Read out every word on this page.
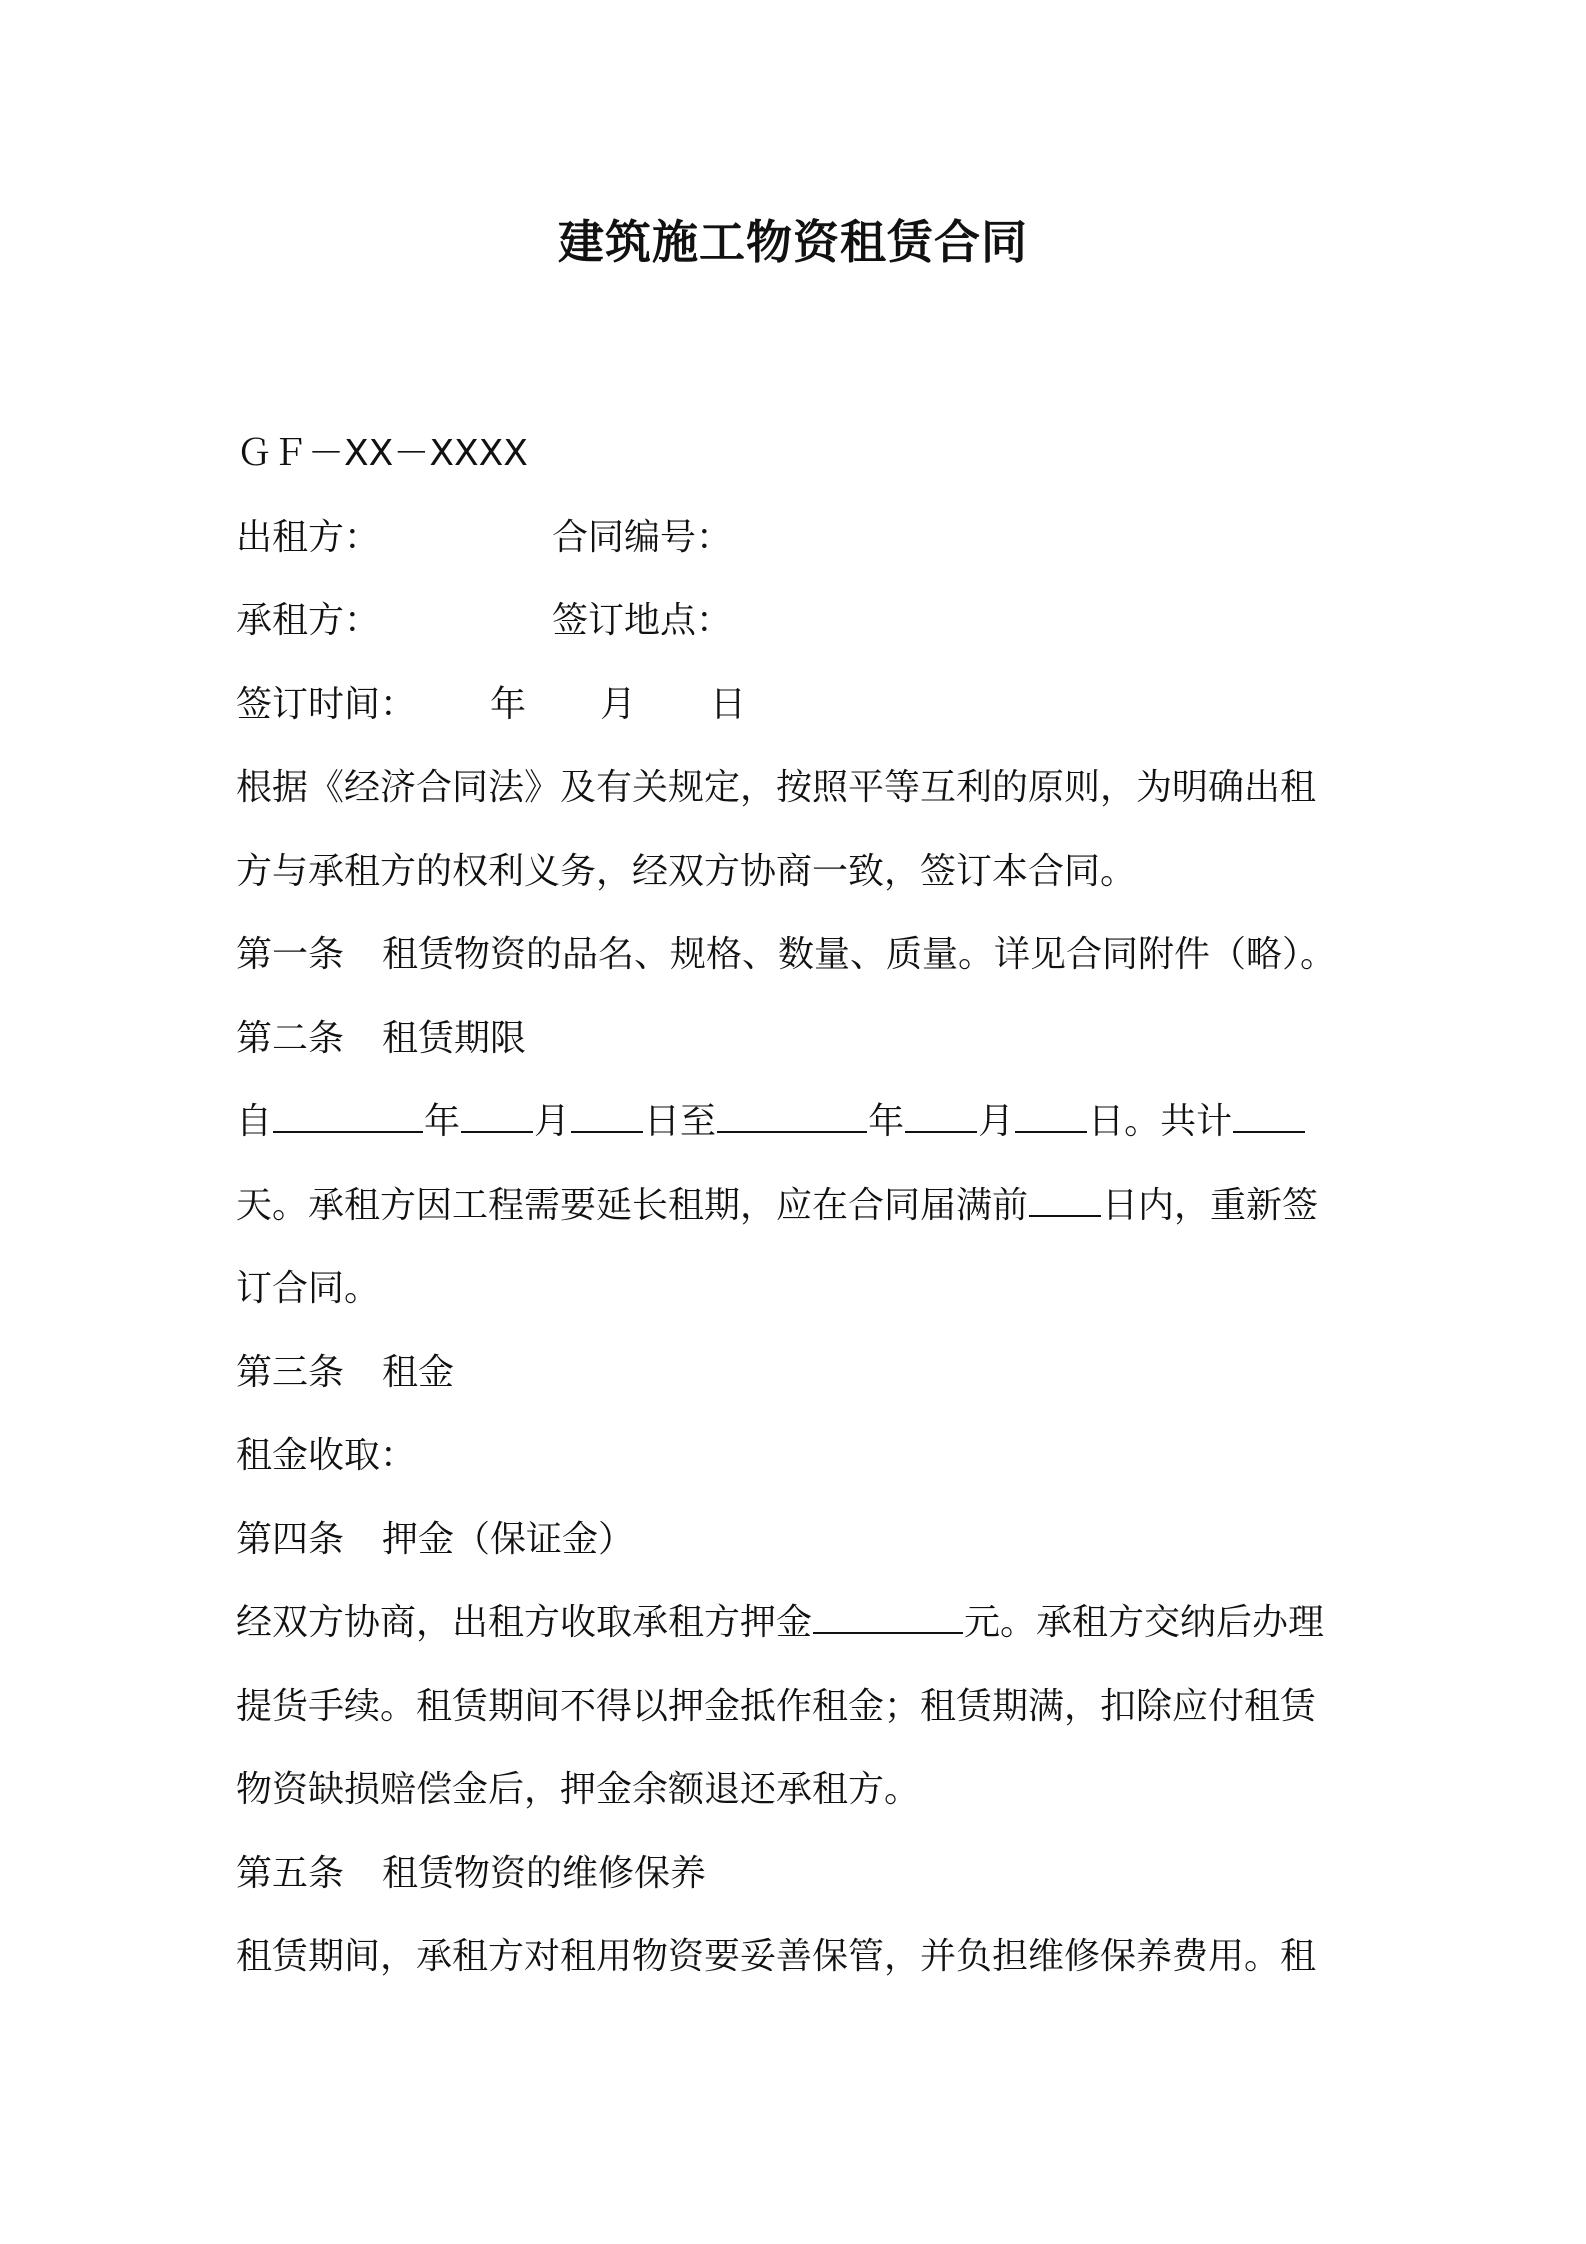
建筑施工物资租赁合同
ＧＦ－XX－XXXX
出租方：	合同编号：
承租方：	签订地点：
签订时间： 年 月 日
根据《经济合同法》及有关规定，按照平等互利的原则，为明确出租
方与承租方的权利义务，经双方协商一致，签订本合同。
第一条 租赁物资的品名、规格、数量、质量。详见合同附件（略）。
第二条 租赁期限
自	年 月 日至	年 月 日。共计
天。承租方因工程需要延长租期，应在合同届满前 日内，重新签
订合同。
第三条 租金
租金收取：
第四条 押金（保证金）
经双方协商，出租方收取承租方押金	元。承租方交纳后办理
提货手续。租赁期间不得以押金抵作租金；租赁期满，扣除应付租赁
物资缺损赔偿金后，押金余额退还承租方。
第五条 租赁物资的维修保养
租赁期间，承租方对租用物资要妥善保管，并负担维修保养费用。租
